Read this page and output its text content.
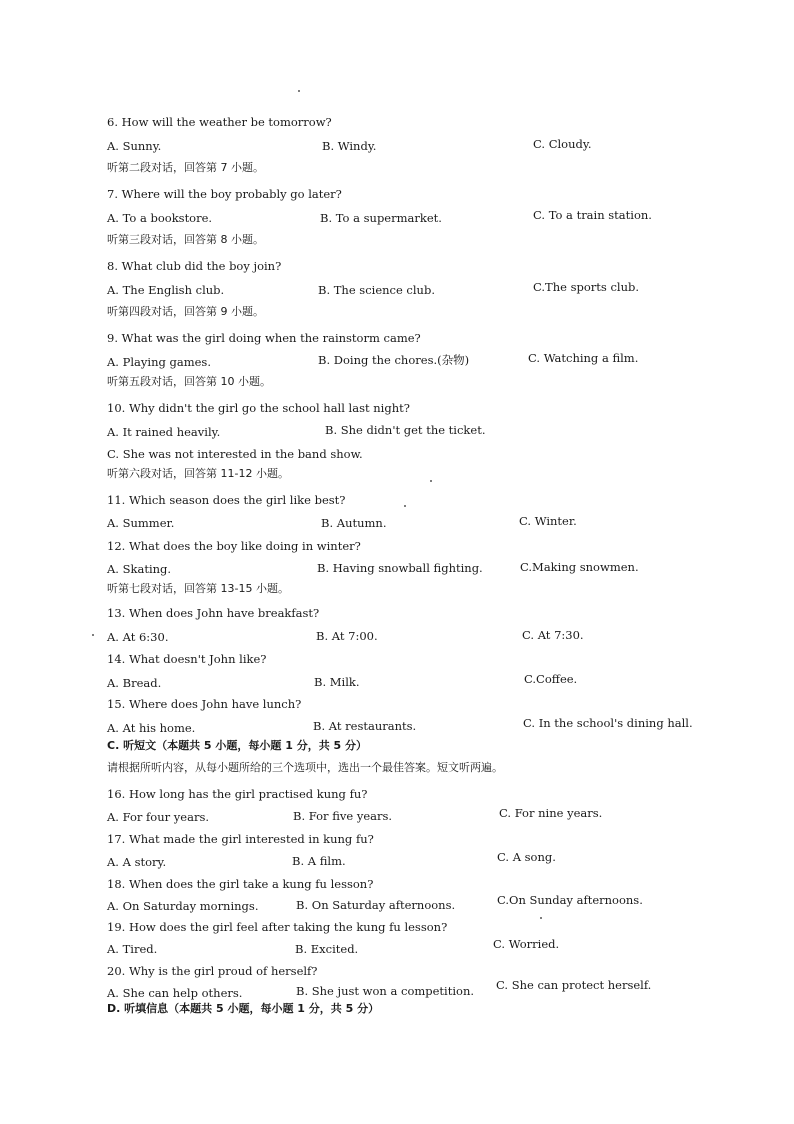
6. How will the weather be tomorrow?
A. Sunny.	B. Windy.	C. Cloudy.
听第二段对话，回答第 7 小题。
7. Where will the boy probably go later?
A. To a bookstore.	B. To a supermarket.	C. To a train station.
听第三段对话，回答第 8 小题。
8. What club did the boy join?
A. The English club.	B. The science club.	C.The sports club.
听第四段对话，回答第 9 小题。
9. What was the girl doing when the rainstorm came?
A. Playing games.	B. Doing the chores.(杂物)	C. Watching a film.
听第五段对话，回答第 10 小题。
10. Why didn't the girl go the school hall last night?
A. It rained heavily.	B. She didn't get the ticket.
C. She was not interested in the band show.
听第六段对话，回答第 11-12 小题。
11. Which season does the girl like best?
A. Summer.	B. Autumn.	C. Winter.
12. What does the boy like doing in winter?
A. Skating.	B. Having snowball fighting.	C.Making snowmen.
听第七段对话，回答第 13-15 小题。
13. When does John have breakfast?
A. At 6:30.	B. At 7:00.	C. At 7:30.
14. What doesn't John like?
A. Bread.	B. Milk.	C.Coffee.
15. Where does John have lunch?
A. At his home.	B. At restaurants.	C. In the school's dining hall.
C. 听短文（本题共 5 小题，每小题 1 分，共 5 分）
请根据所听内容，从每小题所给的三个选项中，选出一个最佳答案。短文听两遍。
16. How long has the girl practised kung fu?
A. For four years.	B. For five years.	C. For nine years.
17. What made the girl interested in kung fu?
A. A story.	B. A film.	C. A song.
18. When does the girl take a kung fu lesson?
A. On Saturday mornings.	B. On Saturday afternoons.	C.On Sunday afternoons.
19. How does the girl feel after taking the kung fu lesson?
A. Tired.	B. Excited.	C. Worried.
20. Why is the girl proud of herself?
A. She can help others.	B. She just won a competition. C. She can protect herself.
D. 听填信息（本题共 5 小题，每小题 1 分，共 5 分）
